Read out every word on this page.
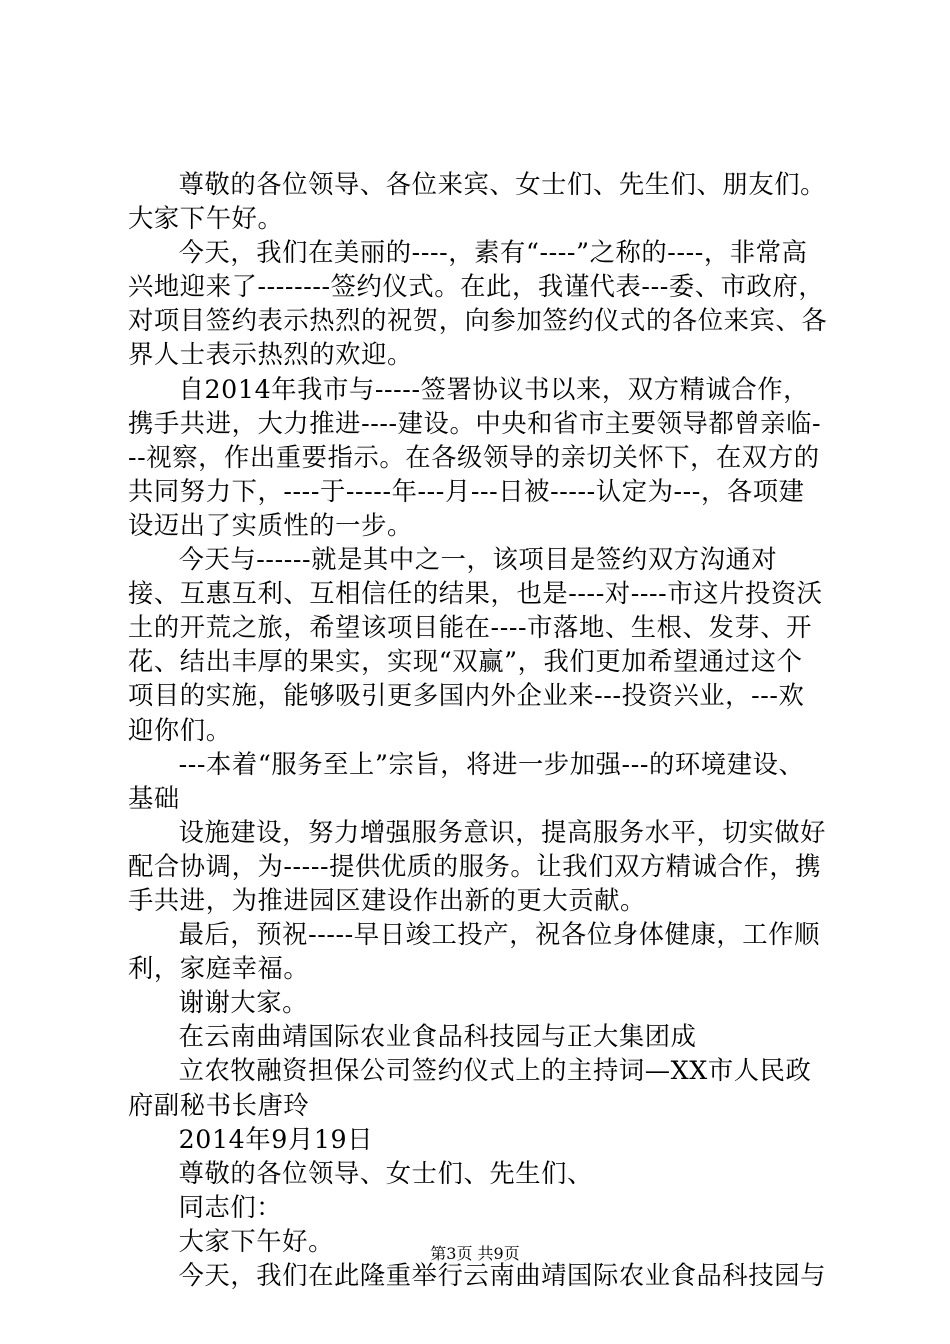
尊敬的各位领导、各位来宾、女士们、先生们、朋友们。大家下午好。

今天，我们在美丽的----，素有“----”之称的----，非常高兴地迎来了--------签约仪式。在此，我谨代表---委、市政府，对项目签约表示热烈的祝贺，向参加签约仪式的各位来宾、各界人士表示热烈的欢迎。

自2014年我市与-----签署协议书以来，双方精诚合作，携手共进，大力推进----建设。中央和省市主要领导都曾亲临---视察，作出重要指示。在各级领导的亲切关怀下，在双方的共同努力下，----于-----年---月---日被-----认定为---，各项建设迈出了实质性的一步。

今天与------就是其中之一，该项目是签约双方沟通对接、互惠互利、互相信任的结果，也是----对----市这片投资沃土的开荒之旅，希望该项目能在----市落地、生根、发芽、开花、结出丰厚的果实，实现“双赢”，我们更加希望通过这个项目的实施，能够吸引更多国内外企业来---投资兴业，---欢迎你们。

---本着“服务至上”宗旨，将进一步加强---的环境建设、基础

设施建设，努力增强服务意识，提高服务水平，切实做好配合协调，为-----提供优质的服务。让我们双方精诚合作，携手共进，为推进园区建设作出新的更大贡献。

最后，预祝-----早日竣工投产，祝各位身体健康，工作顺利，家庭幸福。

谢谢大家。

在云南曲靖国际农业食品科技园与正大集团成

立农牧融资担保公司签约仪式上的主持词—XX市人民政府副秘书长唐玲

2014年9月19日

尊敬的各位领导、女士们、先生们、

同志们：

大家下午好。

今天，我们在此隆重举行云南曲靖国际农业食品科技园与

第3页 共9页
